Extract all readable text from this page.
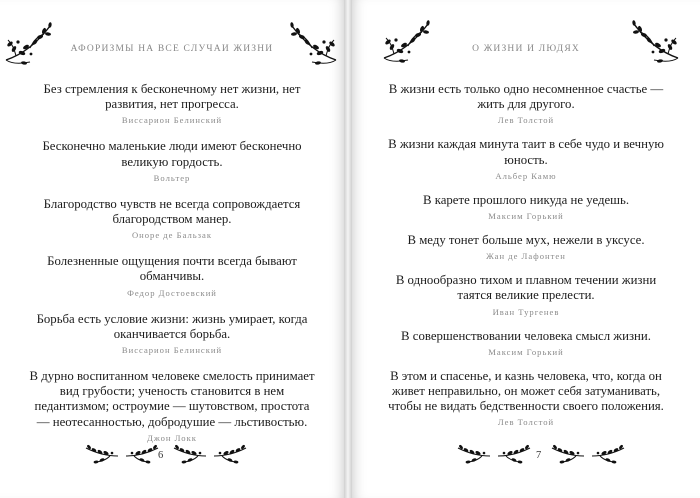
АФОРИЗМЫ НА ВСЕ СЛУЧАИ ЖИЗНИ
Без стремления к бесконечному нет жизни, нет развития, нет прогресса.
Виссарион Белинский
Бесконечно маленькие люди имеют бесконечно великую гордость.
Вольтер
Благородство чувств не всегда сопровождается благородством манер.
Оноре де Бальзак
Болезненные ощущения почти всегда бывают обманчивы.
Федор Достоевский
Борьба есть условие жизни: жизнь умирает, когда оканчивается борьба.
Виссарион Белинский
В дурно воспитанном человеке смелость принимает вид грубости; ученость становится в нем педантизмом; остроумие — шутовством, простота — неотесанностью, добродушие — льстивостью.
Джон Локк
6
О ЖИЗНИ И ЛЮДЯХ
В жизни есть только одно несомненное счастье — жить для другого.
Лев Толстой
В жизни каждая минута таит в себе чудо и вечную юность.
Альбер Камю
В карете прошлого никуда не уедешь.
Максим Горький
В меду тонет больше мух, нежели в уксусе.
Жан де Лафонтен
В однообразно тихом и плавном течении жизни таятся великие прелести.
Иван Тургенев
В совершенствовании человека смысл жизни.
Максим Горький
В этом и спасенье, и казнь человека, что, когда он живет неправильно, он может себя затуманивать, чтобы не видать бедственности своего положения.
Лев Толстой
7
